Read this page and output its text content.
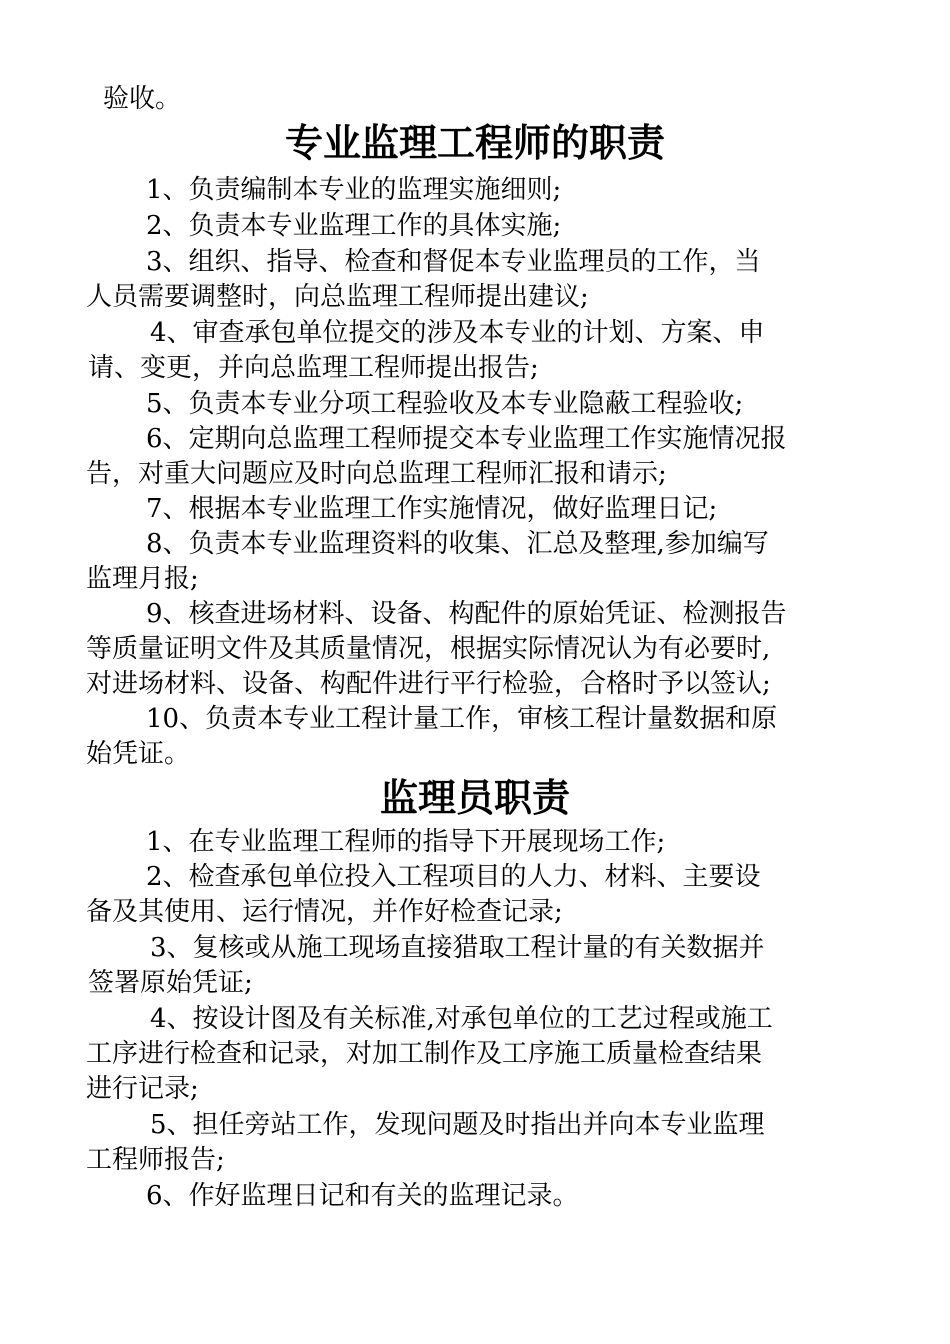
验收。
专业监理工程师的职责
1、负责编制本专业的监理实施细则;
2、负责本专业监理工作的具体实施;
3、组织、指导、检查和督促本专业监理员的工作，当
人员需要调整时，向总监理工程师提出建议;
4、审查承包单位提交的涉及本专业的计划、方案、申
请、变更，并向总监理工程师提出报告;
5、负责本专业分项工程验收及本专业隐蔽工程验收;
6、定期向总监理工程师提交本专业监理工作实施情况报
告，对重大问题应及时向总监理工程师汇报和请示;
7、根据本专业监理工作实施情况，做好监理日记;
8、负责本专业监理资料的收集、汇总及整理,参加编写
监理月报;
9、核查进场材料、设备、构配件的原始凭证、检测报告
等质量证明文件及其质量情况，根据实际情况认为有必要时,
对进场材料、设备、构配件进行平行检验，合格时予以签认;
10、负责本专业工程计量工作，审核工程计量数据和原
始凭证。
监理员职责
1、在专业监理工程师的指导下开展现场工作;
2、检查承包单位投入工程项目的人力、材料、主要设
备及其使用、运行情况，并作好检查记录;
3、复核或从施工现场直接猎取工程计量的有关数据并
签署原始凭证;
4、按设计图及有关标准,对承包单位的工艺过程或施工
工序进行检查和记录，对加工制作及工序施工质量检查结果
进行记录;
5、担任旁站工作，发现问题及时指出并向本专业监理
工程师报告;
6、作好监理日记和有关的监理记录。
